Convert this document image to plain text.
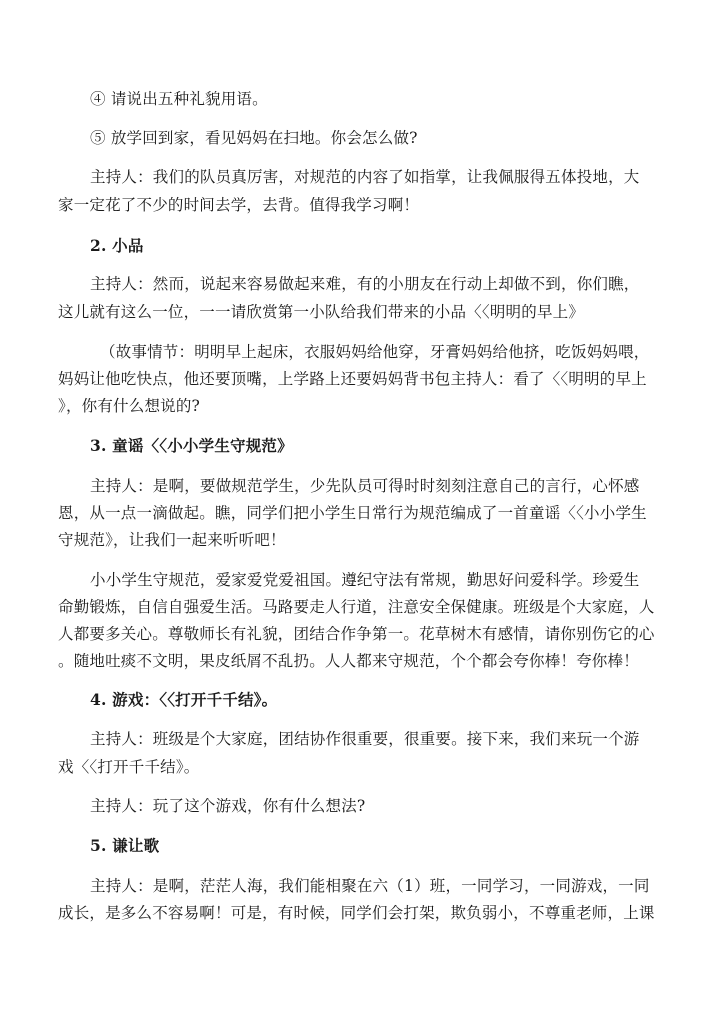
④ 请说出五种礼貌用语。
⑤ 放学回到家，看见妈妈在扫地。你会怎么做?
主持人：我们的队员真厉害，对规范的内容了如指掌，让我佩服得五体投地，大
家一定花了不少的时间去学，去背。值得我学习啊！
2. 小品
主持人：然而，说起来容易做起来难，有的小朋友在行动上却做不到，你们瞧，
这儿就有这么一位，一一请欣赏第一小队给我们带来的小品〈〈明明的早上》
（故事情节：明明早上起床，衣服妈妈给他穿，牙膏妈妈给他挤，吃饭妈妈喂，
妈妈让他吃快点，他还要顶嘴，上学路上还要妈妈背书包主持人：看了〈〈明明的早上
》，你有什么想说的?
3. 童谣〈〈小小学生守规范》
主持人：是啊，要做规范学生，少先队员可得时时刻刻注意自己的言行，心怀感
恩，从一点一滴做起。瞧，同学们把小学生日常行为规范编成了一首童谣〈〈小小学生
守规范》，让我们一起来听听吧！
小小学生守规范，爱家爱党爱祖国。遵纪守法有常规，勤思好问爱科学。珍爱生
命勤锻炼，自信自强爱生活。马路要走人行道，注意安全保健康。班级是个大家庭，人
人都要多关心。尊敬师长有礼貌，团结合作争第一。花草树木有感情，请你别伤它的心
。随地吐痰不文明，果皮纸屑不乱扔。人人都来守规范，个个都会夸你棒！夸你棒！
4. 游戏：〈〈打开千千结》。
主持人：班级是个大家庭，团结协作很重要，很重要。接下来，我们来玩一个游
戏〈〈打开千千结》。
主持人：玩了这个游戏，你有什么想法?
5. 谦让歌
主持人：是啊，茫茫人海，我们能相聚在六（1）班，一同学习，一同游戏，一同
成长，是多么不容易啊！可是，有时候，同学们会打架，欺负弱小，不尊重老师，上课
